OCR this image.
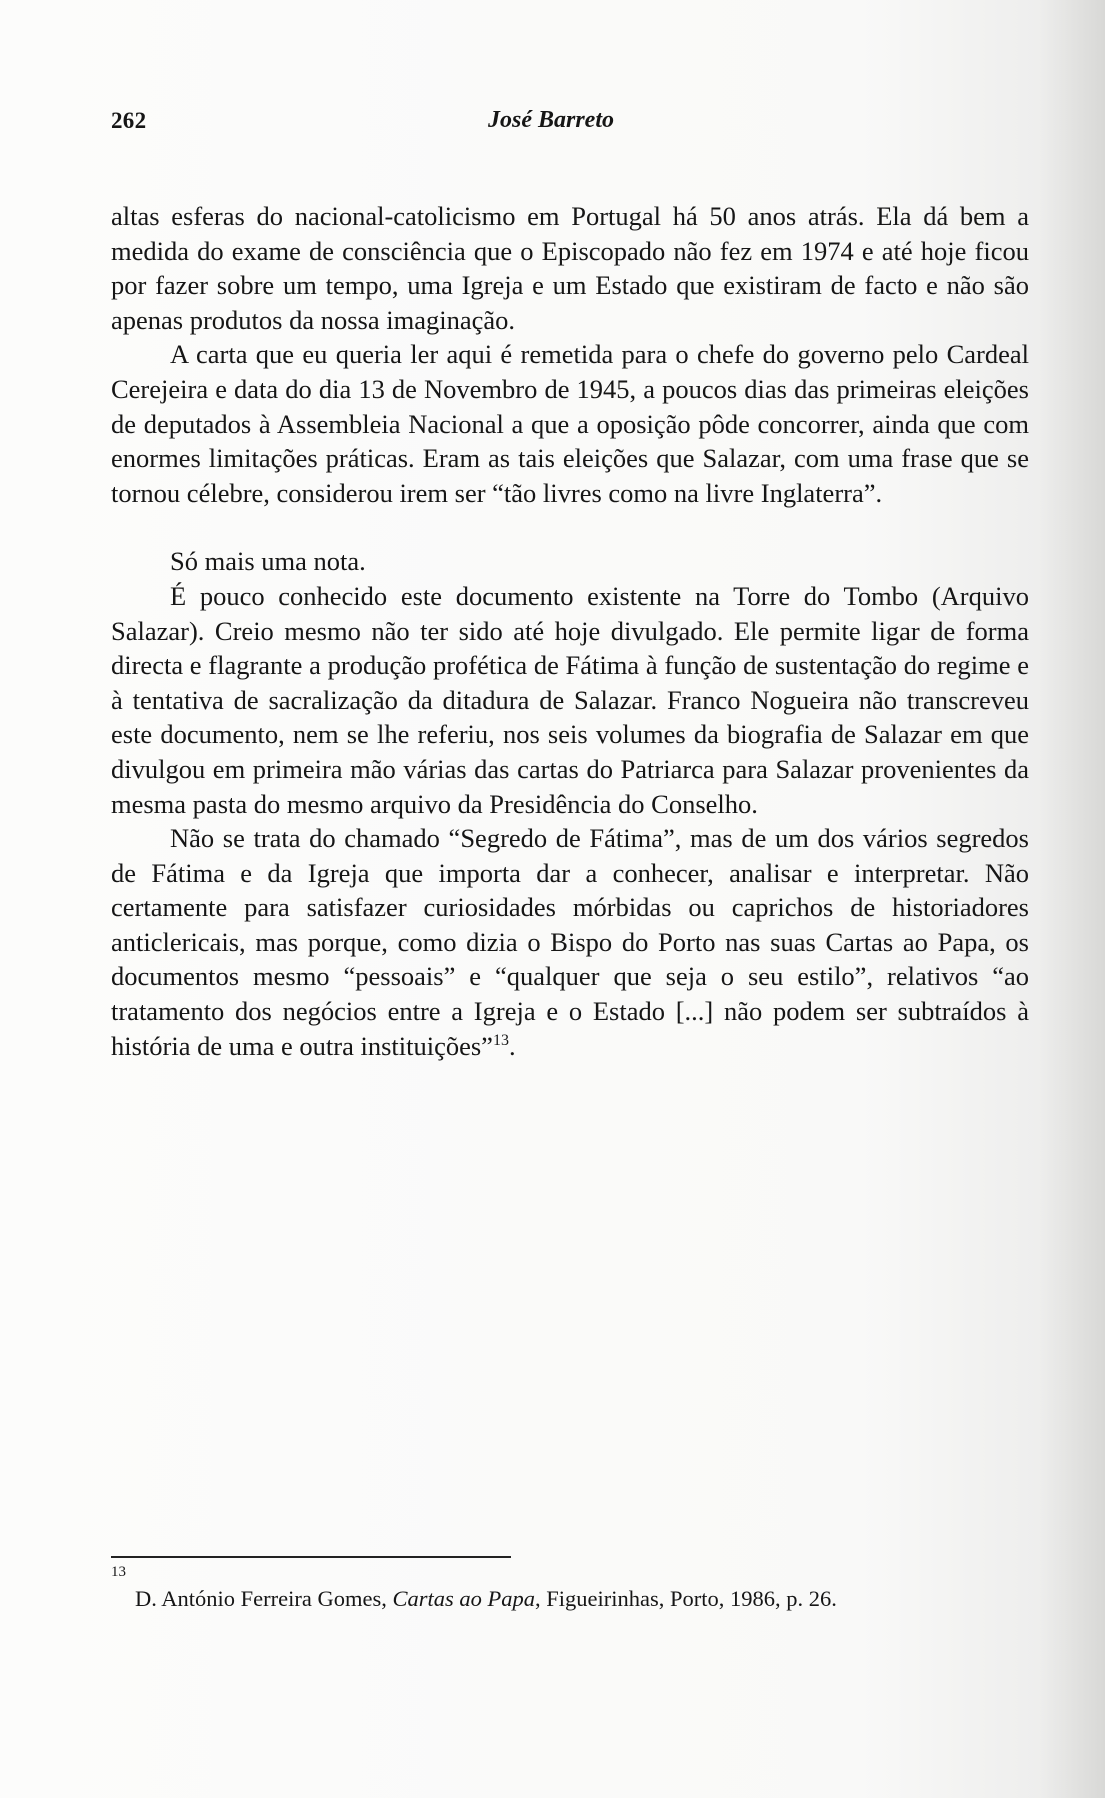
262	José Barreto

altas esferas do nacional-catolicismo em Portugal há 50 anos atrás. Ela dá bem a medida do exame de consciência que o Episcopado não fez em 1974 e até hoje ficou por fazer sobre um tempo, uma Igreja e um Estado que existiram de facto e não são apenas produtos da nossa imaginação.

A carta que eu queria ler aqui é remetida para o chefe do governo pelo Cardeal Cerejeira e data do dia 13 de Novembro de 1945, a poucos dias das primeiras eleições de deputados à Assembleia Nacional a que a oposição pôde concorrer, ainda que com enormes limitações práticas. Eram as tais eleições que Salazar, com uma frase que se tornou célebre, considerou irem ser “tão livres como na livre Inglaterra”.

Só mais uma nota.

É pouco conhecido este documento existente na Torre do Tombo (Arquivo Salazar). Creio mesmo não ter sido até hoje divulgado. Ele permite ligar de forma directa e flagrante a produção profética de Fátima à função de sustentação do regime e à tentativa de sacralização da ditadura de Salazar. Franco Nogueira não transcreveu este documento, nem se lhe referiu, nos seis volumes da biografia de Salazar em que divulgou em primeira mão várias das cartas do Patriarca para Salazar provenientes da mesma pasta do mesmo arquivo da Presidência do Conselho.

Não se trata do chamado “Segredo de Fátima”, mas de um dos vários segredos de Fátima e da Igreja que importa dar a conhecer, analisar e interpretar. Não certamente para satisfazer curiosidades mórbidas ou caprichos de historiadores anticlericais, mas porque, como dizia o Bispo do Porto nas suas Cartas ao Papa, os documentos mesmo “pessoais” e “qualquer que seja o seu estilo”, relativos “ao tratamento dos negócios entre a Igreja e o Estado [...] não podem ser subtraídos à história de uma e outra instituições”$^{13}$.

13
D. António Ferreira Gomes, Cartas ao Papa, Figueirinhas, Porto, 1986, p. 26.
